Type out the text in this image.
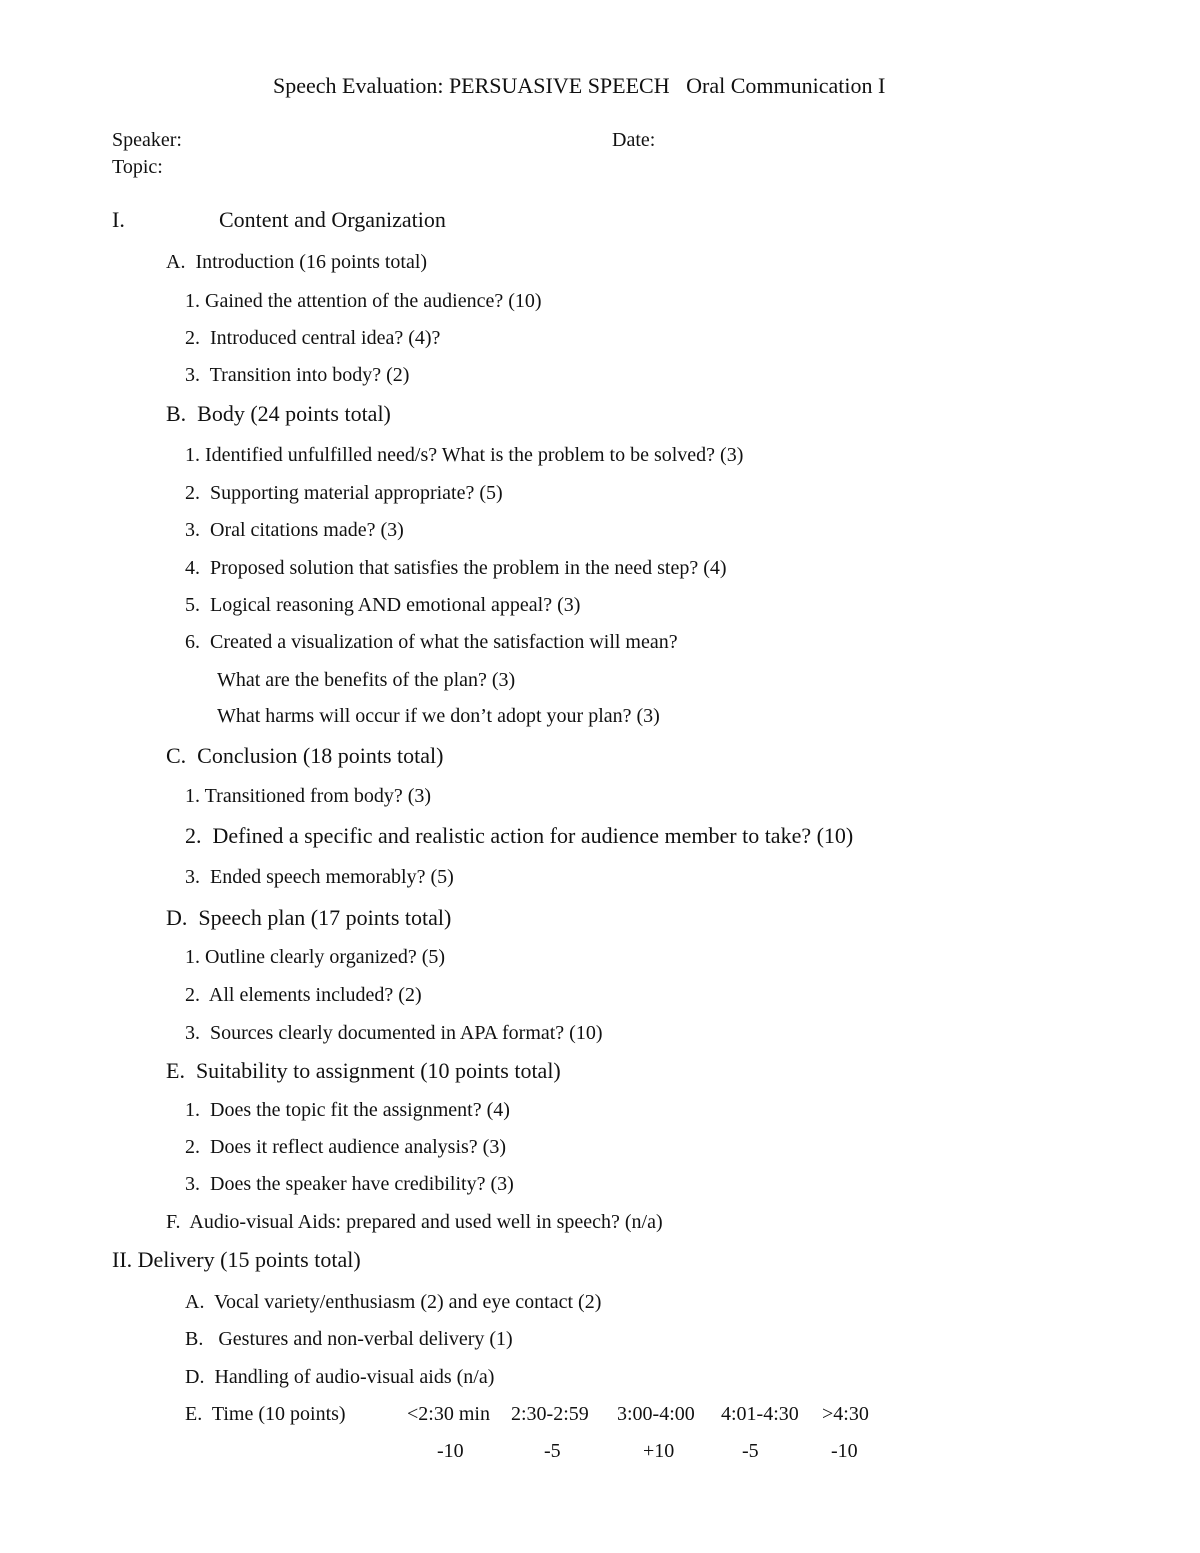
Speech Evaluation: PERSUASIVE SPEECH   Oral Communication I
Speaker:	Date:
Topic:
I.	Content and Organization
A.  Introduction (16 points total)
1. Gained the attention of the audience? (10)
2.  Introduced central idea? (4)?
3.  Transition into body? (2)
B.  Body (24 points total)
1. Identified unfulfilled need/s? What is the problem to be solved? (3)
2.  Supporting material appropriate? (5)
3.  Oral citations made? (3)
4.  Proposed solution that satisfies the problem in the need step? (4)
5.  Logical reasoning AND emotional appeal? (3)
6.  Created a visualization of what the satisfaction will mean?
What are the benefits of the plan? (3)
What harms will occur if we don’t adopt your plan? (3)
C.  Conclusion (18 points total)
1. Transitioned from body? (3)
2.  Defined a specific and realistic action for audience member to take? (10)
3.  Ended speech memorably? (5)
D.  Speech plan (17 points total)
1. Outline clearly organized? (5)
2.  All elements included? (2)
3.  Sources clearly documented in APA format? (10)
E.  Suitability to assignment (10 points total)
1.  Does the topic fit the assignment? (4)
2.  Does it reflect audience analysis? (3)
3.  Does the speaker have credibility? (3)
F.  Audio-visual Aids: prepared and used well in speech? (n/a)
II. Delivery (15 points total)
A.  Vocal variety/enthusiasm (2) and eye contact (2)
B.   Gestures and non-verbal delivery (1)
D.  Handling of audio-visual aids (n/a)
E.  Time (10 points)	<2:30 min 2:30-2:59 3:00-4:00 4:01-4:30 >4:30
-10	-5	+10	-5	-10
